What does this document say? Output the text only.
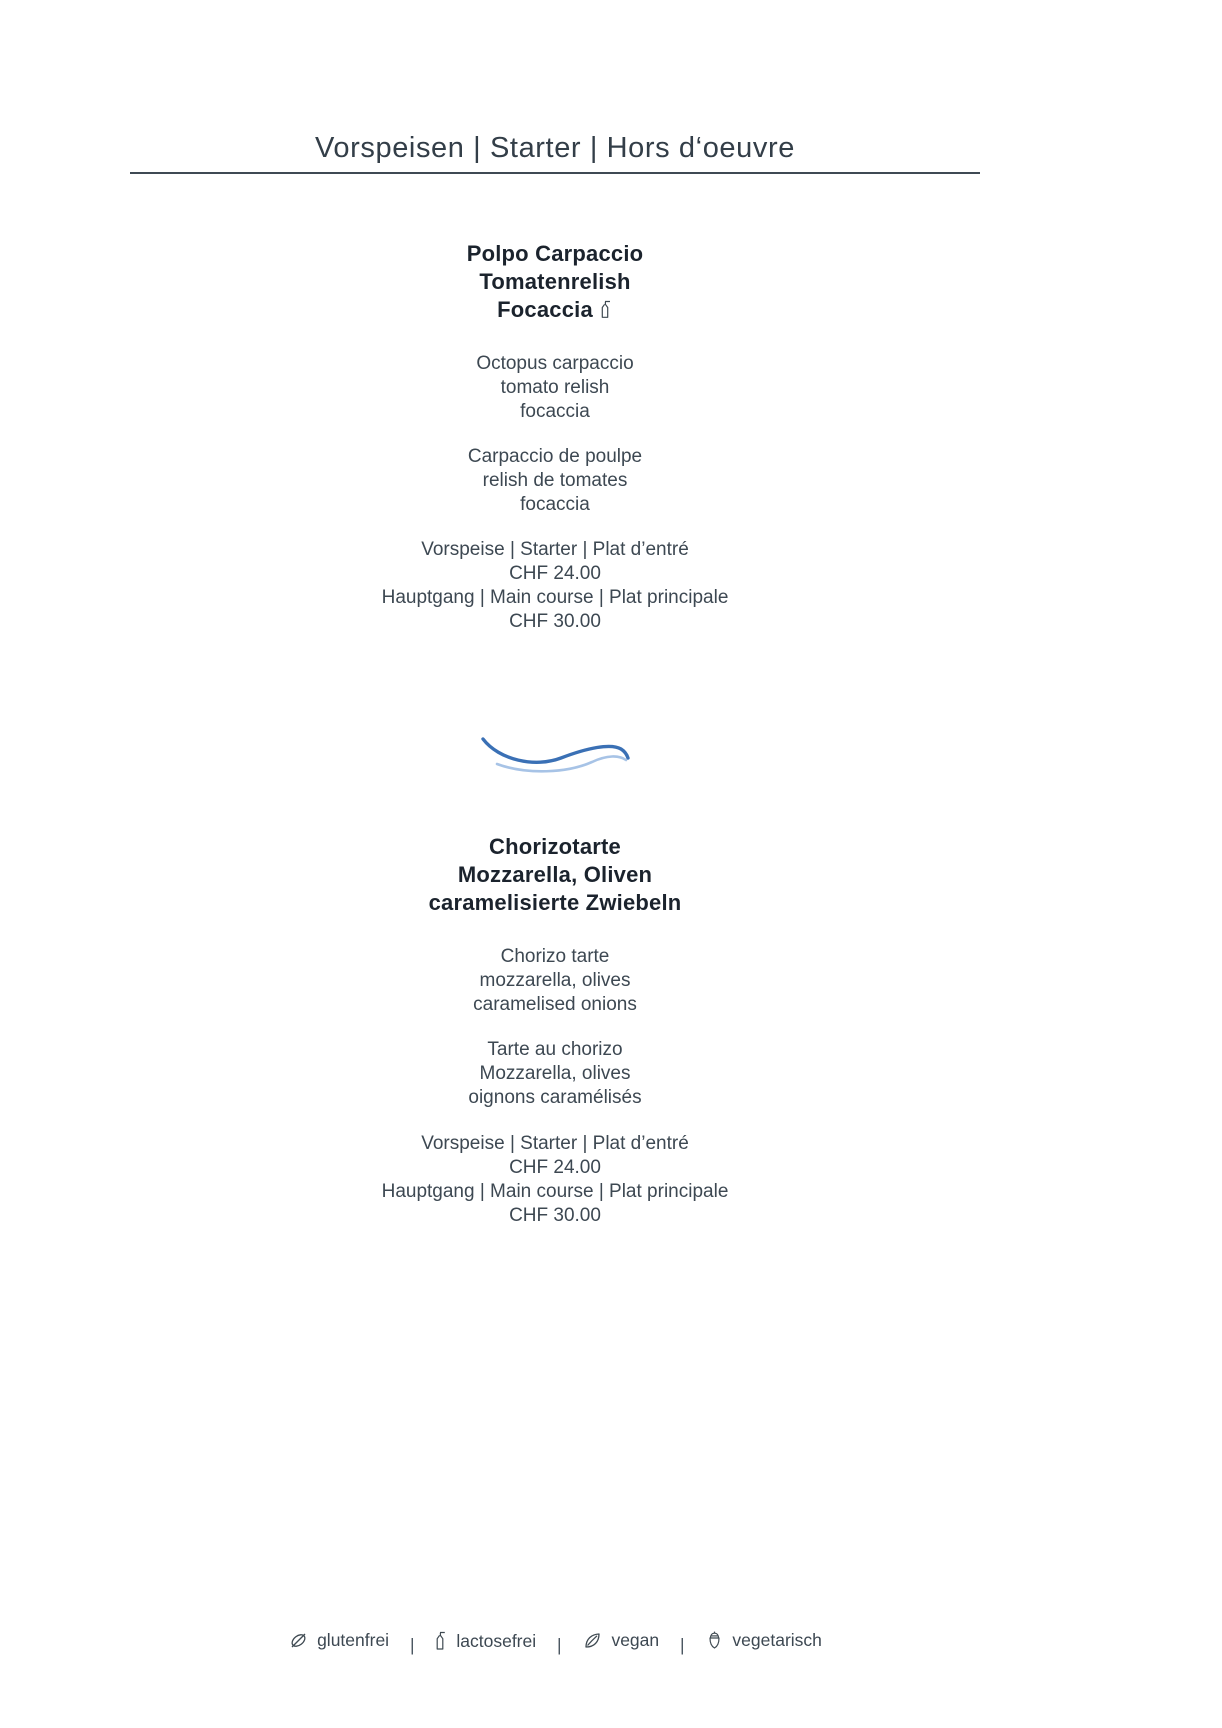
Vorspeisen | Starter | Hors d‘oeuvre
Polpo Carpaccio
Tomatenrelish
Focaccia
Octopus carpaccio
tomato relish
focaccia
Carpaccio de poulpe
relish de tomates
focaccia
Vorspeise | Starter | Plat d’entré
CHF 24.00
Hauptgang | Main course | Plat principale
CHF 30.00
Chorizotarte
Mozzarella, Oliven
caramelisierte Zwiebeln
Chorizo tarte
mozzarella, olives
caramelised onions
Tarte au chorizo
Mozzarella, olives
oignons caramélisés
Vorspeise | Starter | Plat d’entré
CHF 24.00
Hauptgang | Main course | Plat principale
CHF 30.00
glutenfrei | lactosefrei |	vegan |	vegetarisch
